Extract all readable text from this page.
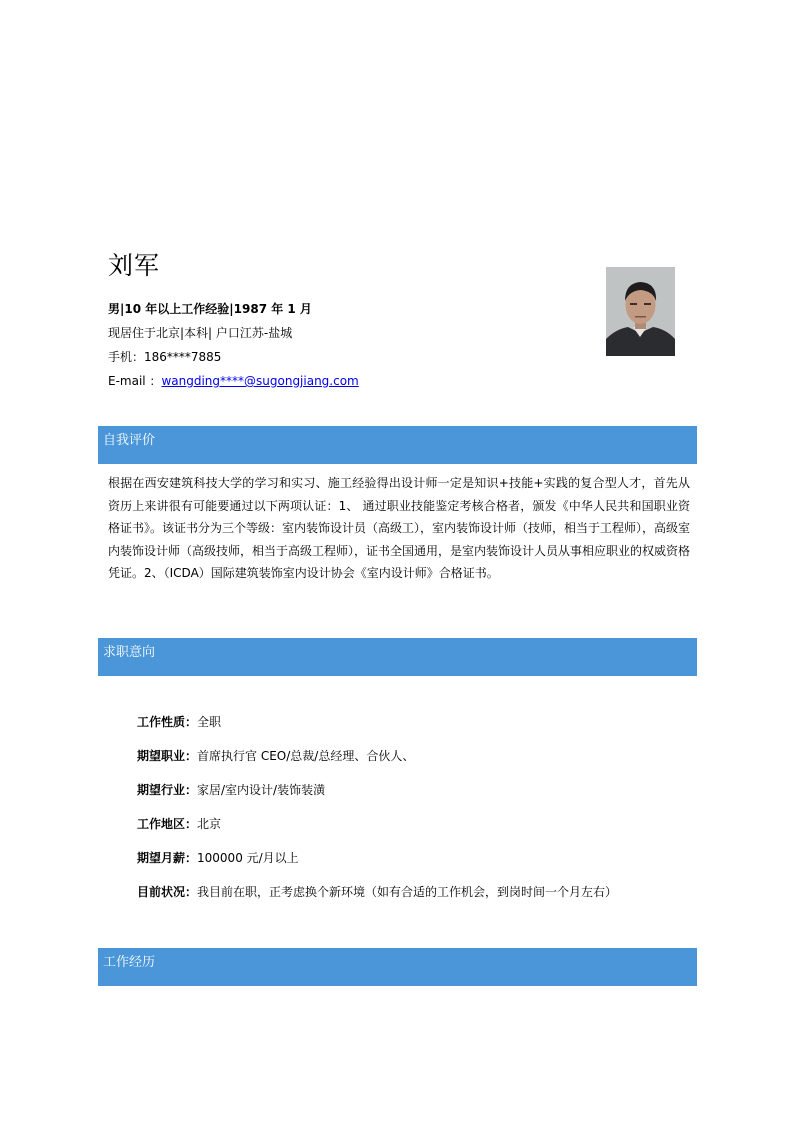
刘军
男|10 年以上工作经验|1987 年 1 月
现居住于北京|本科| 户口江苏-盐城
手机：186****7885
E-mail ：wangding****@sugongjiang.com
自我评价
根据在西安建筑科技大学的学习和实习、施工经验得出设计师一定是知识+技能+实践的复合型人才，首先从资历上来讲很有可能要通过以下两项认证：1、 通过职业技能鉴定考核合格者，颁发《中华人民共和国职业资格证书》。该证书分为三个等级：室内装饰设计员（高级工），室内装饰设计师（技师，相当于工程师），高级室内装饰设计师（高级技师，相当于高级工程师），证书全国通用，是室内装饰设计人员从事相应职业的权威资格凭证。2、（ICDA）国际建筑装饰室内设计协会《室内设计师》合格证书。
求职意向
工作性质：全职
期望职业：首席执行官 CEO/总裁/总经理、合伙人、
期望行业：家居/室内设计/装饰装潢
工作地区：北京
期望月薪：100000 元/月以上
目前状况：我目前在职，正考虑换个新环境（如有合适的工作机会，到岗时间一个月左右）
工作经历
